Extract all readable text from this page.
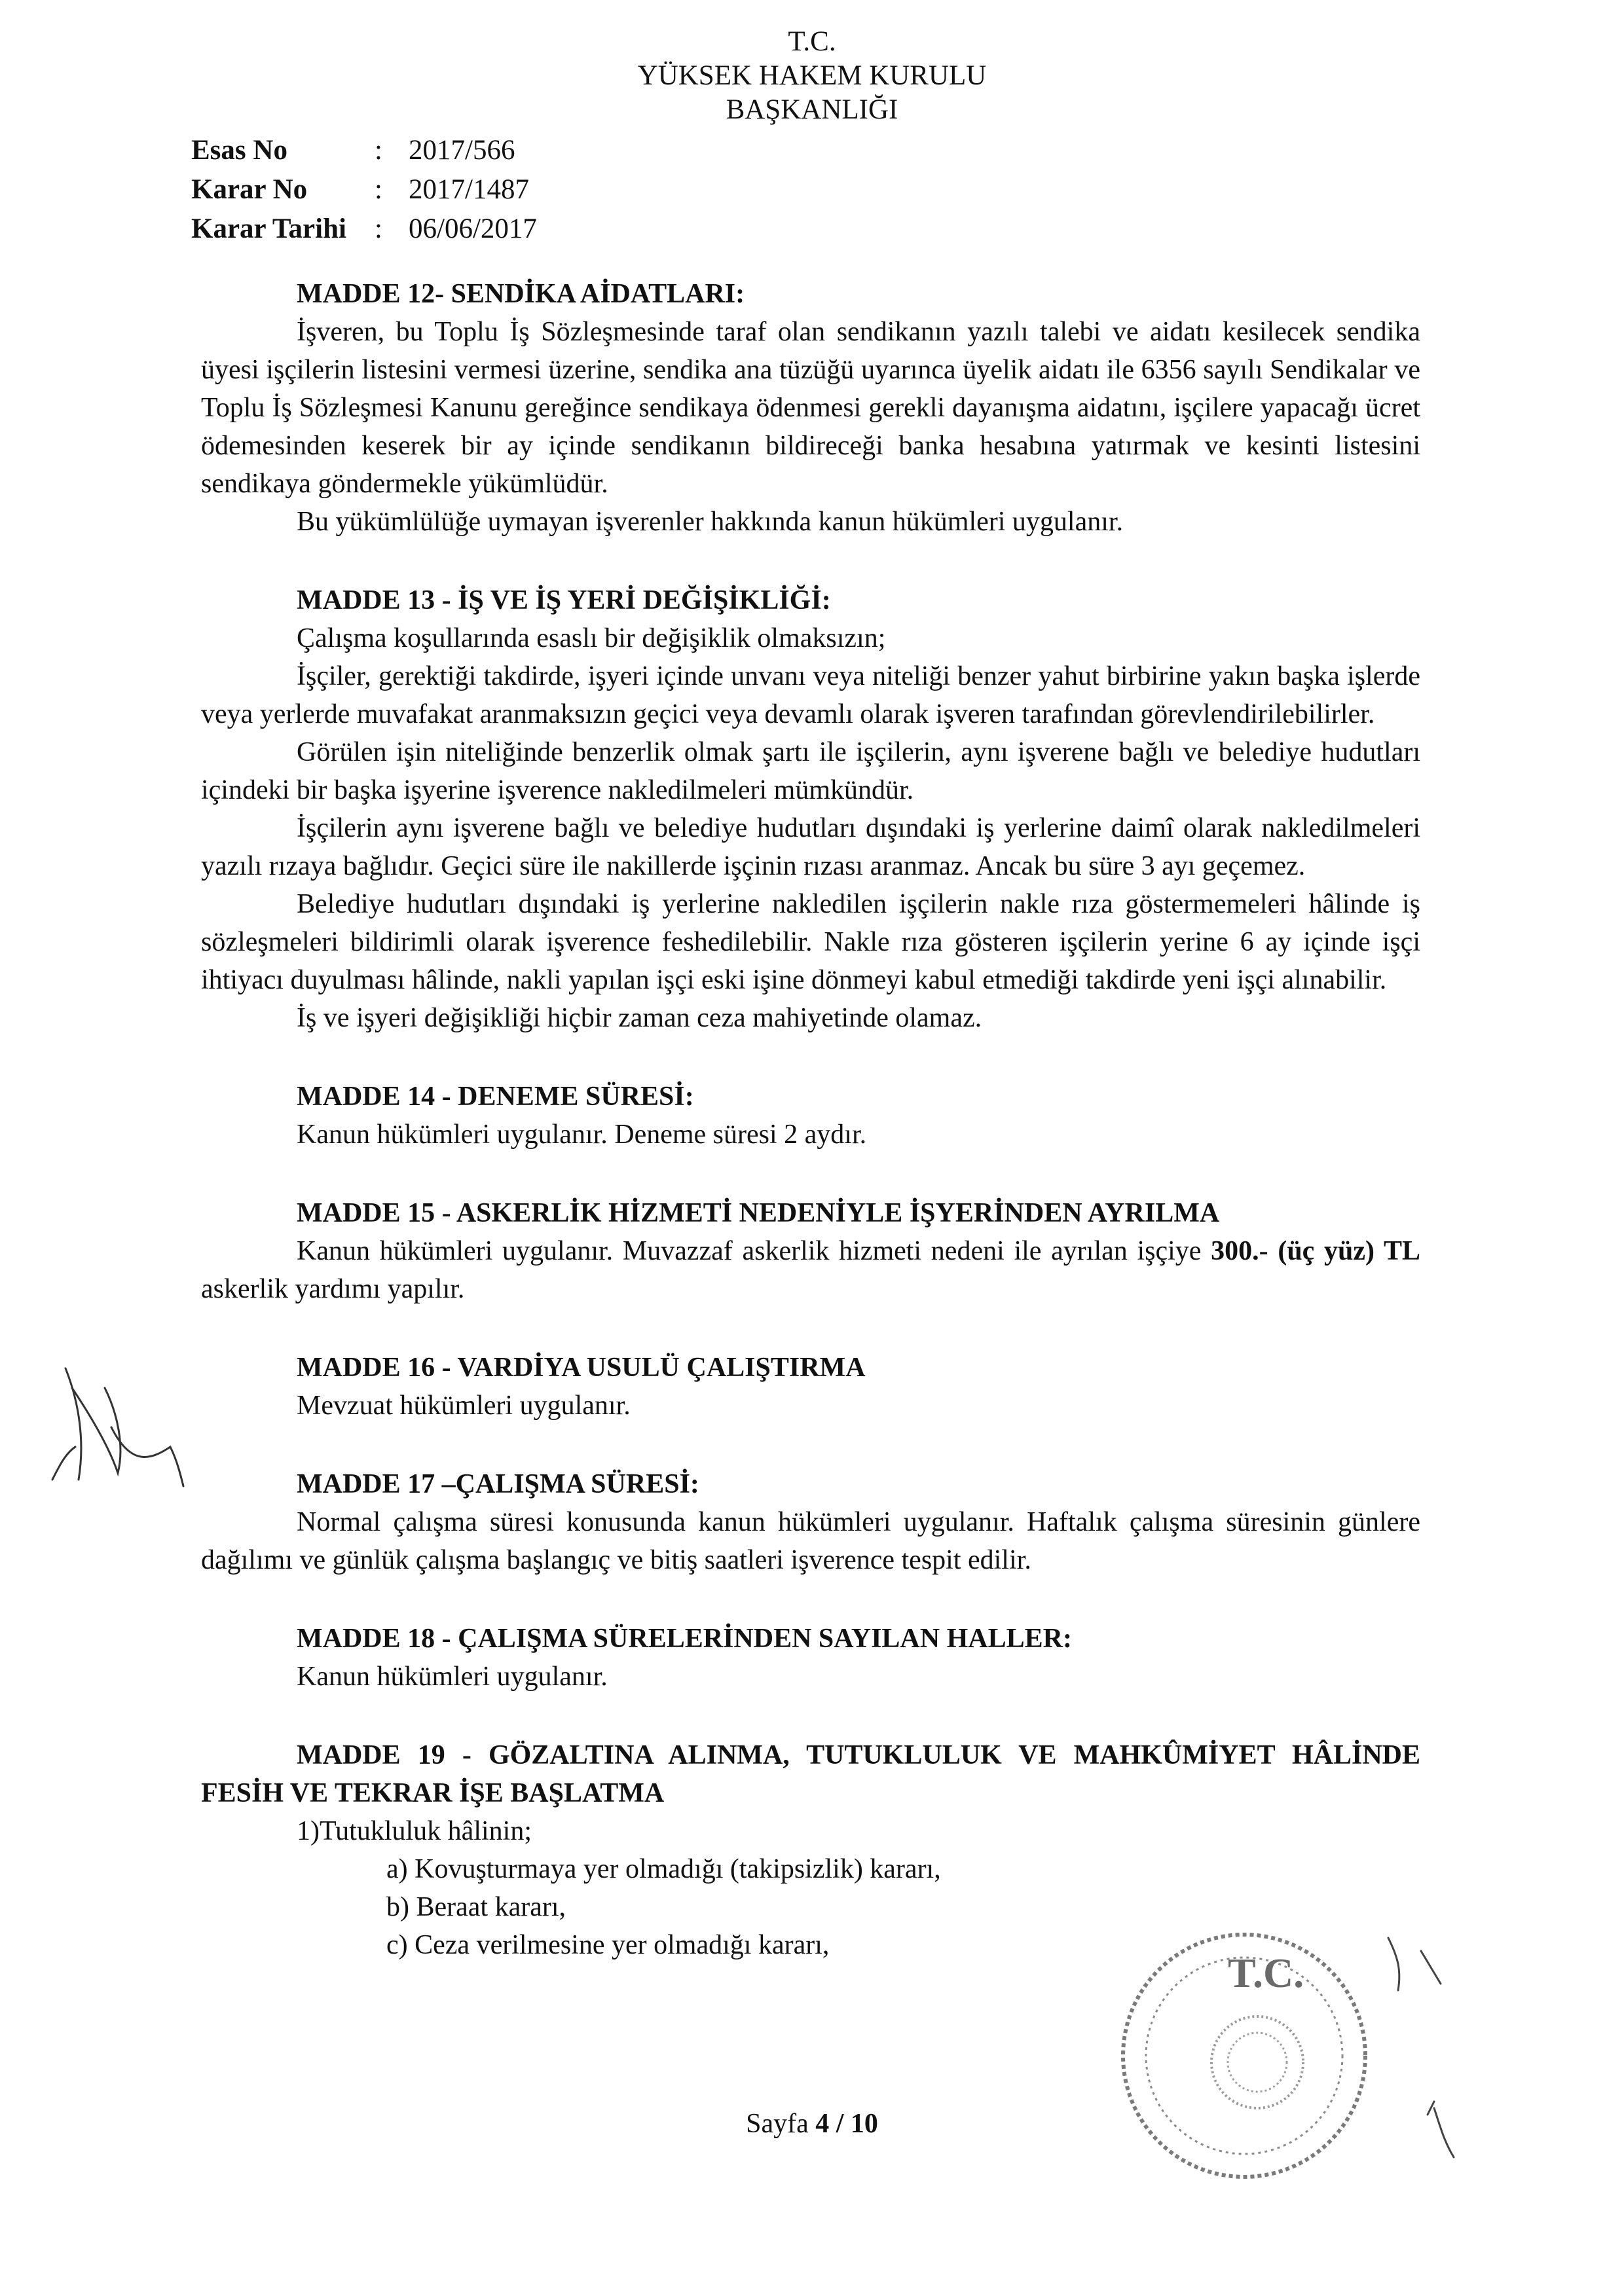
T.C.
YÜKSEK HAKEM KURULU
BAŞKANLIĞI
Esas No	: 2017/566
Karar No	: 2017/1487
Karar Tarihi	: 06/06/2017
MADDE 12- SENDİKA AİDATLARI:

İşveren, bu Toplu İş Sözleşmesinde taraf olan sendikanın yazılı talebi ve aidatı kesilecek sendika üyesi işçilerin listesini vermesi üzerine, sendika ana tüzüğü uyarınca üyelik aidatı ile 6356 sayılı Sendikalar ve Toplu İş Sözleşmesi Kanunu gereğince sendikaya ödenmesi gerekli dayanışma aidatını, işçilere yapacağı ücret ödemesinden keserek bir ay içinde sendikanın bildireceği banka hesabına yatırmak ve kesinti listesini sendikaya göndermekle yükümlüdür.

Bu yükümlülüğe uymayan işverenler hakkında kanun hükümleri uygulanır.

MADDE 13 - İŞ VE İŞ YERİ DEĞİŞİKLİĞİ:

Çalışma koşullarında esaslı bir değişiklik olmaksızın;

İşçiler, gerektiği takdirde, işyeri içinde unvanı veya niteliği benzer yahut birbirine yakın başka işlerde veya yerlerde muvafakat aranmaksızın geçici veya devamlı olarak işveren tarafından görevlendirilebilirler.

Görülen işin niteliğinde benzerlik olmak şartı ile işçilerin, aynı işverene bağlı ve belediye hudutları içindeki bir başka işyerine işverence nakledilmeleri mümkündür.

İşçilerin aynı işverene bağlı ve belediye hudutları dışındaki iş yerlerine daimî olarak nakledilmeleri yazılı rızaya bağlıdır. Geçici süre ile nakillerde işçinin rızası aranmaz. Ancak bu süre 3 ayı geçemez.

Belediye hudutları dışındaki iş yerlerine nakledilen işçilerin nakle rıza göstermemeleri hâlinde iş sözleşmeleri bildirimli olarak işverence feshedilebilir. Nakle rıza gösteren işçilerin yerine 6 ay içinde işçi ihtiyacı duyulması hâlinde, nakli yapılan işçi eski işine dönmeyi kabul etmediği takdirde yeni işçi alınabilir.

İş ve işyeri değişikliği hiçbir zaman ceza mahiyetinde olamaz.

MADDE 14 - DENEME SÜRESİ:

Kanun hükümleri uygulanır. Deneme süresi 2 aydır.

MADDE 15 - ASKERLİK HİZMETİ NEDENİYLE İŞYERİNDEN AYRILMA

Kanun hükümleri uygulanır. Muvazzaf askerlik hizmeti nedeni ile ayrılan işçiye 300.- (üç yüz) TL askerlik yardımı yapılır.

MADDE 16 - VARDİYA USULÜ ÇALIŞTIRMA

Mevzuat hükümleri uygulanır.

MADDE 17 –ÇALIŞMA SÜRESİ:

Normal çalışma süresi konusunda kanun hükümleri uygulanır. Haftalık çalışma süresinin günlere dağılımı ve günlük çalışma başlangıç ve bitiş saatleri işverence tespit edilir.

MADDE 18 - ÇALIŞMA SÜRELERİNDEN SAYILAN HALLER:

Kanun hükümleri uygulanır.

MADDE 19 - GÖZALTINA ALINMA, TUTUKLULUK VE MAHKÛMİYET HÂLİNDE FESİH VE TEKRAR İŞE BAŞLATMA

1)Tutukluluk hâlinin;

a) Kovuşturmaya yer olmadığı (takipsizlik) kararı,
b) Beraat kararı,
c) Ceza verilmesine yer olmadığı kararı,
Sayfa 4 / 10
T.C.
